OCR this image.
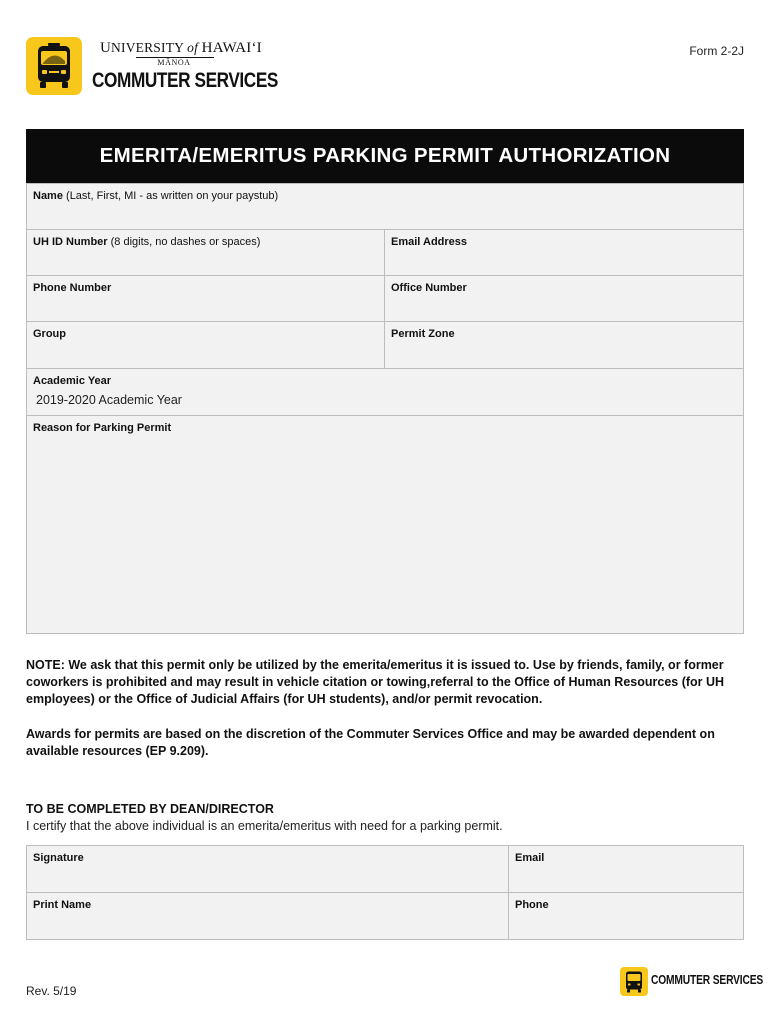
UNIVERSITY of HAWAI‘I
MĀNOA
COMMUTER SERVICES
Form 2-2J
EMERITA/EMERITUS PARKING PERMIT AUTHORIZATION
Name (Last, First, MI - as written on your paystub)
UH ID Number (8 digits, no dashes or spaces)	Email Address
Phone Number	Office Number
Group	Permit Zone
Academic Year
2019-2020 Academic Year
Reason for Parking Permit
NOTE: We ask that this permit only be utilized by the emerita/emeritus it is issued to. Use by friends, family, or former coworkers is prohibited and may result in vehicle citation or towing,referral to the Office of Human Resources (for UH employees) or the Office of Judicial Affairs (for UH students), and/or permit revocation.
Awards for permits are based on the discretion of the Commuter Services Office and may be awarded dependent on available resources (EP 9.209).
TO BE COMPLETED BY DEAN/DIRECTOR
I certify that the above individual is an emerita/emeritus with need for a parking permit.
Signature	Email
Print Name	Phone
Rev. 5/19
COMMUTER SERVICES
